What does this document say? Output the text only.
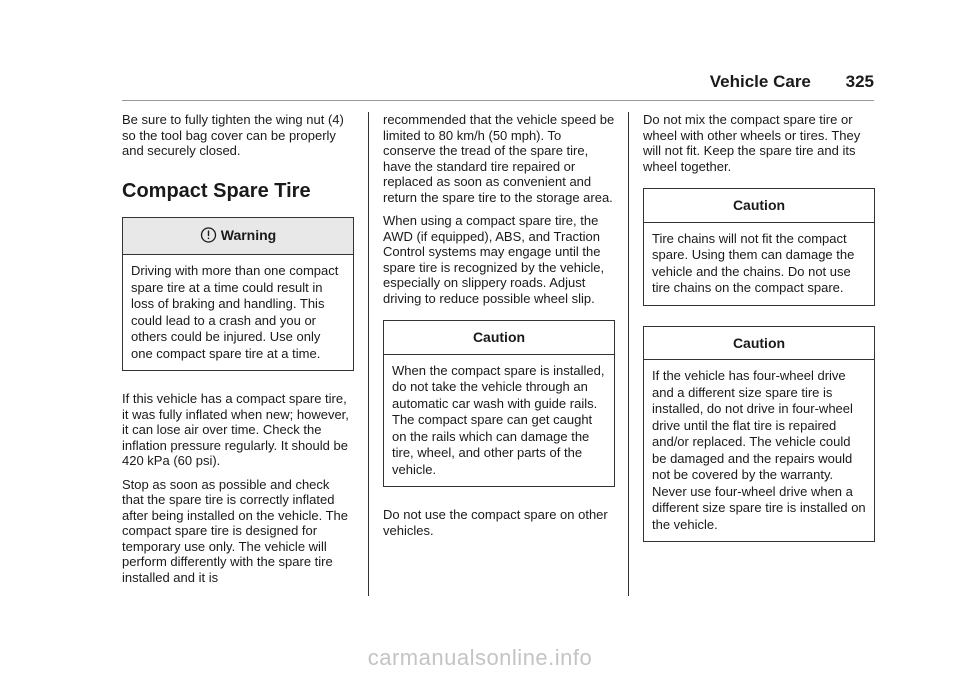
Vehicle Care 325

Be sure to fully tighten the wing nut (4) so the tool bag cover can be properly and securely closed.

Compact Spare Tire
Warning
Driving with more than one compact spare tire at a time could result in loss of braking and handling. This could lead to a crash and you or others could be injured. Use only one compact spare tire at a time.

If this vehicle has a compact spare tire, it was fully inflated when new; however, it can lose air over time. Check the inflation pressure regularly. It should be 420 kPa (60 psi).

Stop as soon as possible and check that the spare tire is correctly inflated after being installed on the vehicle. The compact spare tire is designed for temporary use only. The vehicle will perform differently with the spare tire installed and it is

recommended that the vehicle speed be limited to 80 km/h (50 mph). To conserve the tread of the spare tire, have the standard tire repaired or replaced as soon as convenient and return the spare tire to the storage area.

When using a compact spare tire, the AWD (if equipped), ABS, and Traction Control systems may engage until the spare tire is recognized by the vehicle, especially on slippery roads. Adjust driving to reduce possible wheel slip.

Caution
When the compact spare is installed, do not take the vehicle through an automatic car wash with guide rails. The compact spare can get caught on the rails which can damage the tire, wheel, and other parts of the vehicle.

Do not use the compact spare on other vehicles.

Do not mix the compact spare tire or wheel with other wheels or tires. They will not fit. Keep the spare tire and its wheel together.

Caution
Tire chains will not fit the compact spare. Using them can damage the vehicle and the chains. Do not use tire chains on the compact spare.
Caution
If the vehicle has four-wheel drive and a different size spare tire is installed, do not drive in four-wheel drive until the flat tire is repaired and/or replaced. The vehicle could be damaged and the repairs would not be covered by the warranty. Never use four-wheel drive when a different size spare tire is installed on the vehicle.
carmanualsonline.info
